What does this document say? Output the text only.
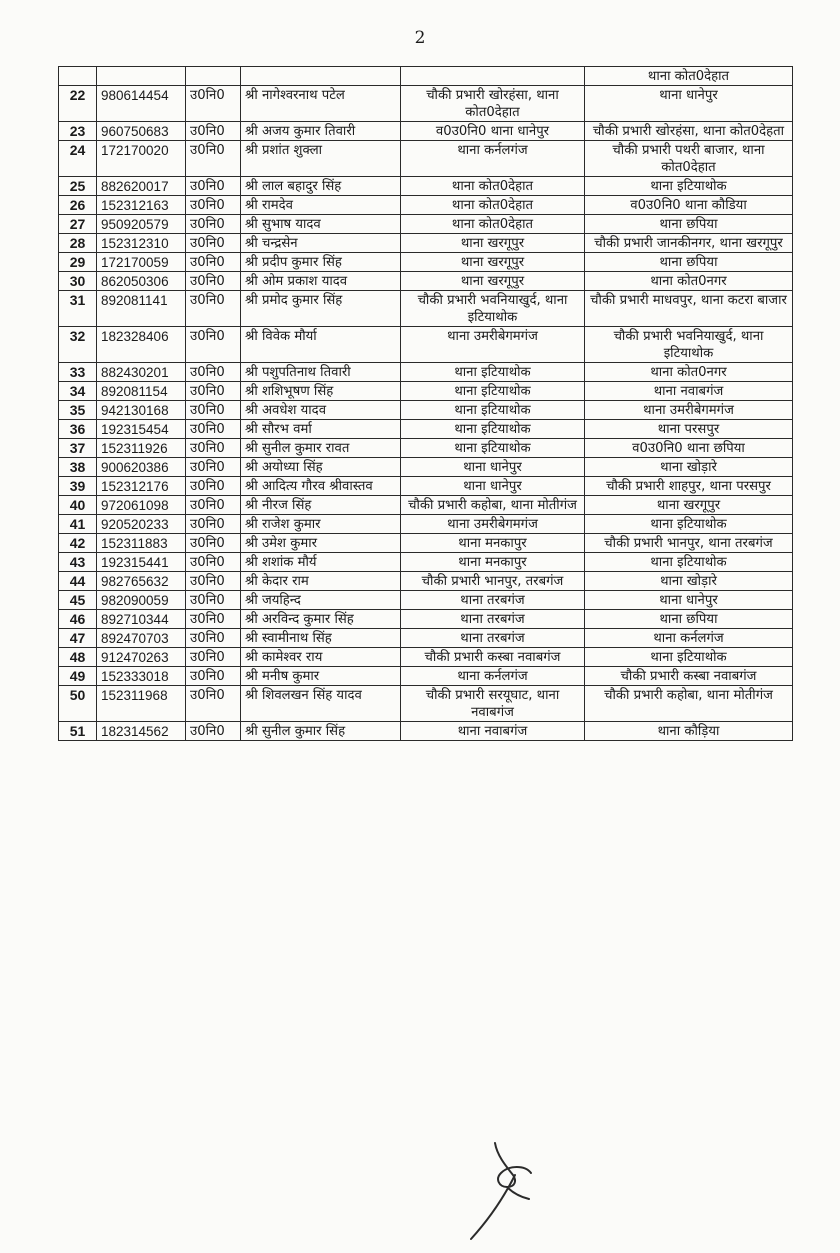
2
					थाना कोत0देहात
22	980614454	उ0नि0	श्री नागेश्वरनाथ पटेल	चौकी प्रभारी खोरहंसा, थाना कोत0देहात	थाना धानेपुर
23	960750683	उ0नि0	श्री अजय कुमार तिवारी	व0उ0नि0 थाना धानेपुर	चौकी प्रभारी खोरहंसा, थाना कोत0देहता
24	172170020	उ0नि0	श्री प्रशांत शुक्ला	थाना कर्नलगंज	चौकी प्रभारी पथरी बाजार, थाना कोत0देहात
25	882620017	उ0नि0	श्री लाल बहादुर सिंह	थाना कोत0देहात	थाना इटियाथोक
26	152312163	उ0नि0	श्री रामदेव	थाना कोत0देहात	व0उ0नि0 थाना कौडिया
27	950920579	उ0नि0	श्री सुभाष यादव	थाना कोत0देहात	थाना छपिया
28	152312310	उ0नि0	श्री चन्द्रसेन	थाना खरगूपुर	चौकी प्रभारी जानकीनगर, थाना खरगूपुर
29	172170059	उ0नि0	श्री प्रदीप कुमार सिंह	थाना खरगूपुर	थाना छपिया
30	862050306	उ0नि0	श्री ओम प्रकाश यादव	थाना खरगूपुर	थाना कोत0नगर
31	892081141	उ0नि0	श्री प्रमोद कुमार सिंह	चौकी प्रभारी भवनियाखुर्द, थाना इटियाथोक	चौकी प्रभारी माधवपुर, थाना कटरा बाजार
32	182328406	उ0नि0	श्री विवेक मौर्या	थाना उमरीबेगमगंज	चौकी प्रभारी भवनियाखुर्द, थाना इटियाथोक
33	882430201	उ0नि0	श्री पशुपतिनाथ तिवारी	थाना इटियाथोक	थाना कोत0नगर
34	892081154	उ0नि0	श्री शशिभूषण सिंह	थाना इटियाथोक	थाना नवाबगंज
35	942130168	उ0नि0	श्री अवधेश यादव	थाना इटियाथोक	थाना उमरीबेगमगंज
36	192315454	उ0नि0	श्री सौरभ वर्मा	थाना इटियाथोक	थाना परसपुर
37	152311926	उ0नि0	श्री सुनील कुमार रावत	थाना इटियाथोक	व0उ0नि0 थाना छपिया
38	900620386	उ0नि0	श्री अयोध्या सिंह	थाना धानेपुर	थाना खोड़ारे
39	152312176	उ0नि0	श्री आदित्य गौरव श्रीवास्तव	थाना धानेपुर	चौकी प्रभारी शाहपुर, थाना परसपुर
40	972061098	उ0नि0	श्री नीरज सिंह	चौकी प्रभारी कहोबा, थाना मोतीगंज	थाना खरगूपुर
41	920520233	उ0नि0	श्री राजेश कुमार	थाना उमरीबेगमगंज	थाना इटियाथोक
42	152311883	उ0नि0	श्री उमेश कुमार	थाना मनकापुर	चौकी प्रभारी भानपुर, थाना तरबगंज
43	192315441	उ0नि0	श्री शशांक मौर्य	थाना मनकापुर	थाना इटियाथोक
44	982765632	उ0नि0	श्री केदार राम	चौकी प्रभारी भानपुर, तरबगंज	थाना खोड़ारे
45	982090059	उ0नि0	श्री जयहिन्द	थाना तरबगंज	थाना धानेपुर
46	892710344	उ0नि0	श्री अरविन्द कुमार सिंह	थाना तरबगंज	थाना छपिया
47	892470703	उ0नि0	श्री स्वामीनाथ सिंह	थाना तरबगंज	थाना कर्नलगंज
48	912470263	उ0नि0	श्री कामेश्वर राय	चौकी प्रभारी कस्बा नवाबगंज	थाना इटियाथोक
49	152333018	उ0नि0	श्री मनीष कुमार	थाना कर्नलगंज	चौकी प्रभारी कस्बा नवाबगंज
50	152311968	उ0नि0	श्री शिवलखन सिंह यादव	चौकी प्रभारी सरयूघाट, थाना नवाबगंज	चौकी प्रभारी कहोबा, थाना मोतीगंज
51	182314562	उ0नि0	श्री सुनील कुमार सिंह	थाना नवाबगंज	थाना कौड़िया
